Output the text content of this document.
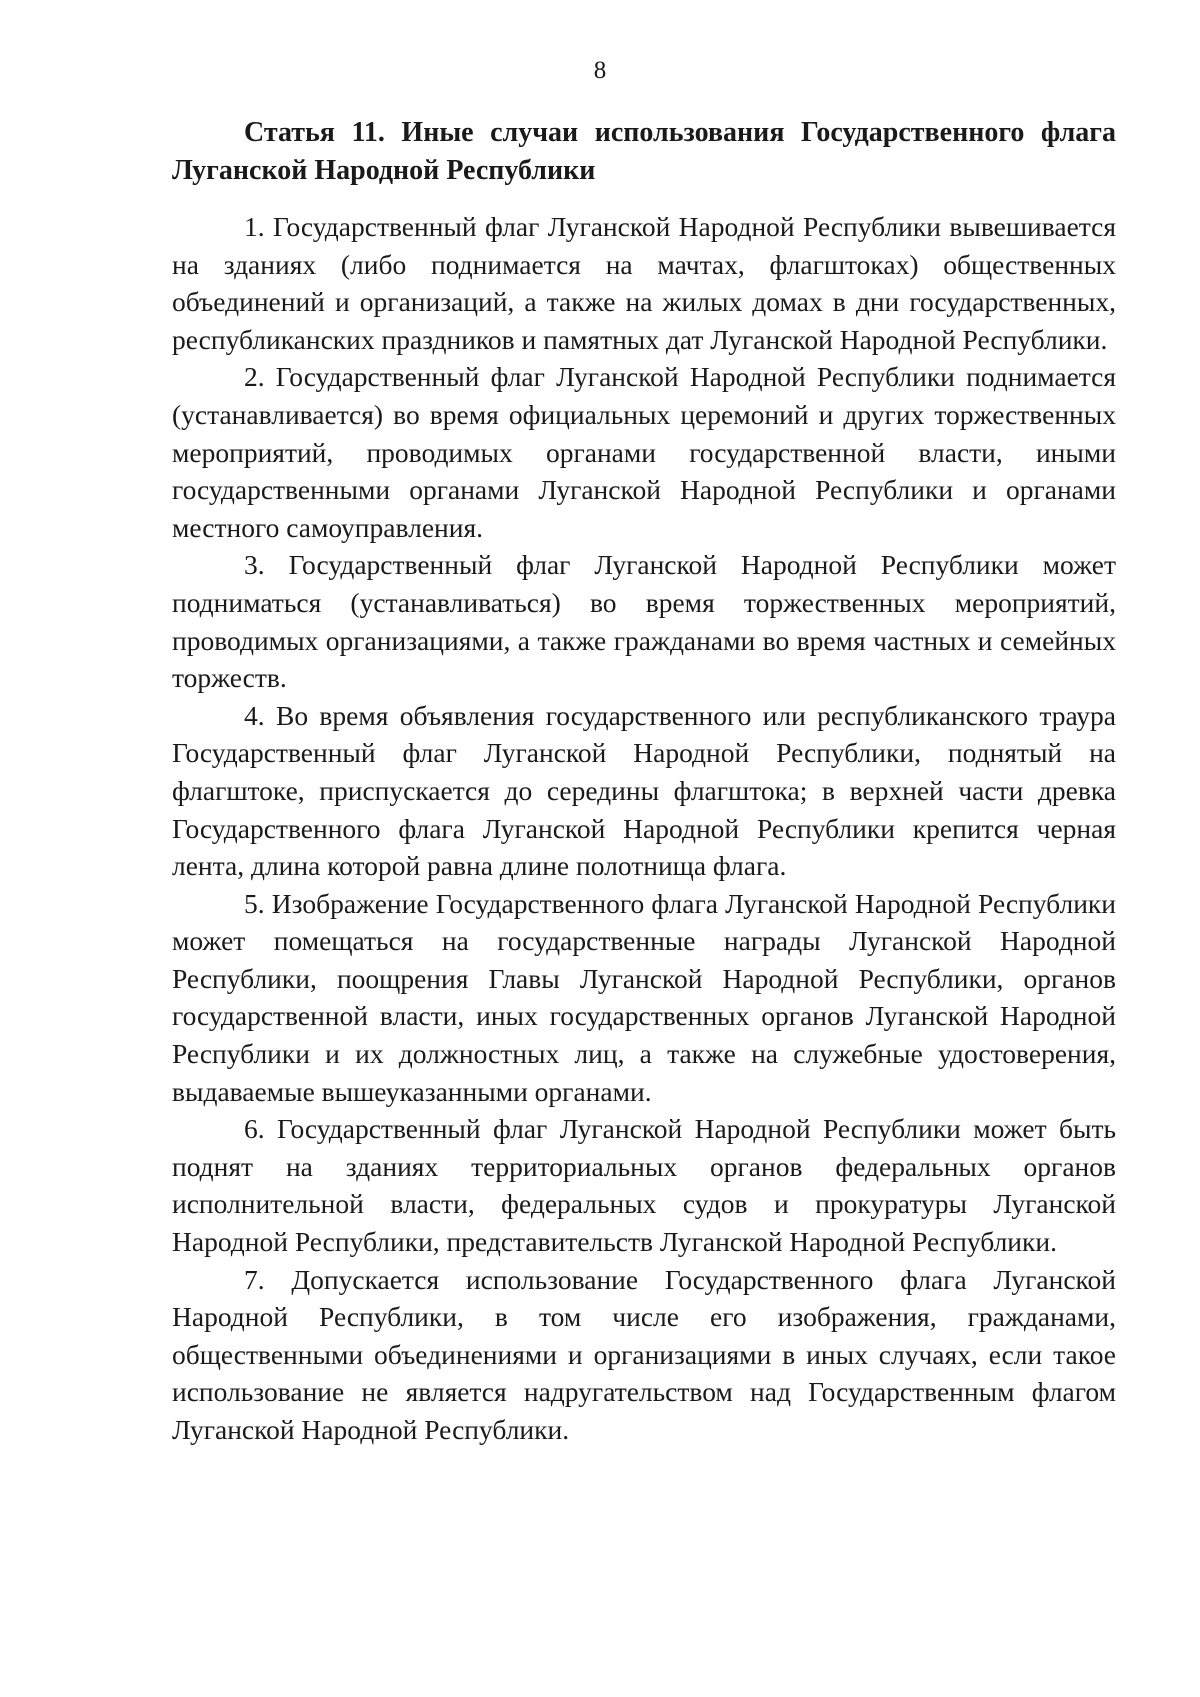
8

Статья 11. Иные случаи использования Государственного флага Луганской Народной Республики

1. Государственный флаг Луганской Народной Республики вывешивается на зданиях (либо поднимается на мачтах, флагштоках) общественных объединений и организаций, а также на жилых домах в дни государственных, республиканских праздников и памятных дат Луганской Народной Республики.

2. Государственный флаг Луганской Народной Республики поднимается (устанавливается) во время официальных церемоний и других торжественных мероприятий, проводимых органами государственной власти, иными государственными органами Луганской Народной Республики и органами местного самоуправления.

3. Государственный флаг Луганской Народной Республики может подниматься (устанавливаться) во время торжественных мероприятий, проводимых организациями, а также гражданами во время частных и семейных торжеств.

4. Во время объявления государственного или республиканского траура Государственный флаг Луганской Народной Республики, поднятый на флагштоке, приспускается до середины флагштока; в верхней части древка Государственного флага Луганской Народной Республики крепится черная лента, длина которой равна длине полотнища флага.

5. Изображение Государственного флага Луганской Народной Республики может помещаться на государственные награды Луганской Народной Республики, поощрения Главы Луганской Народной Республики, органов государственной власти, иных государственных органов Луганской Народной Республики и их должностных лиц, а также на служебные удостоверения, выдаваемые вышеуказанными органами.

6. Государственный флаг Луганской Народной Республики может быть поднят на зданиях территориальных органов федеральных органов исполнительной власти, федеральных судов и прокуратуры Луганской Народной Республики, представительств Луганской Народной Республики.

7. Допускается использование Государственного флага Луганской Народной Республики, в том числе его изображения, гражданами, общественными объединениями и организациями в иных случаях, если такое использование не является надругательством над Государственным флагом Луганской Народной Республики.
